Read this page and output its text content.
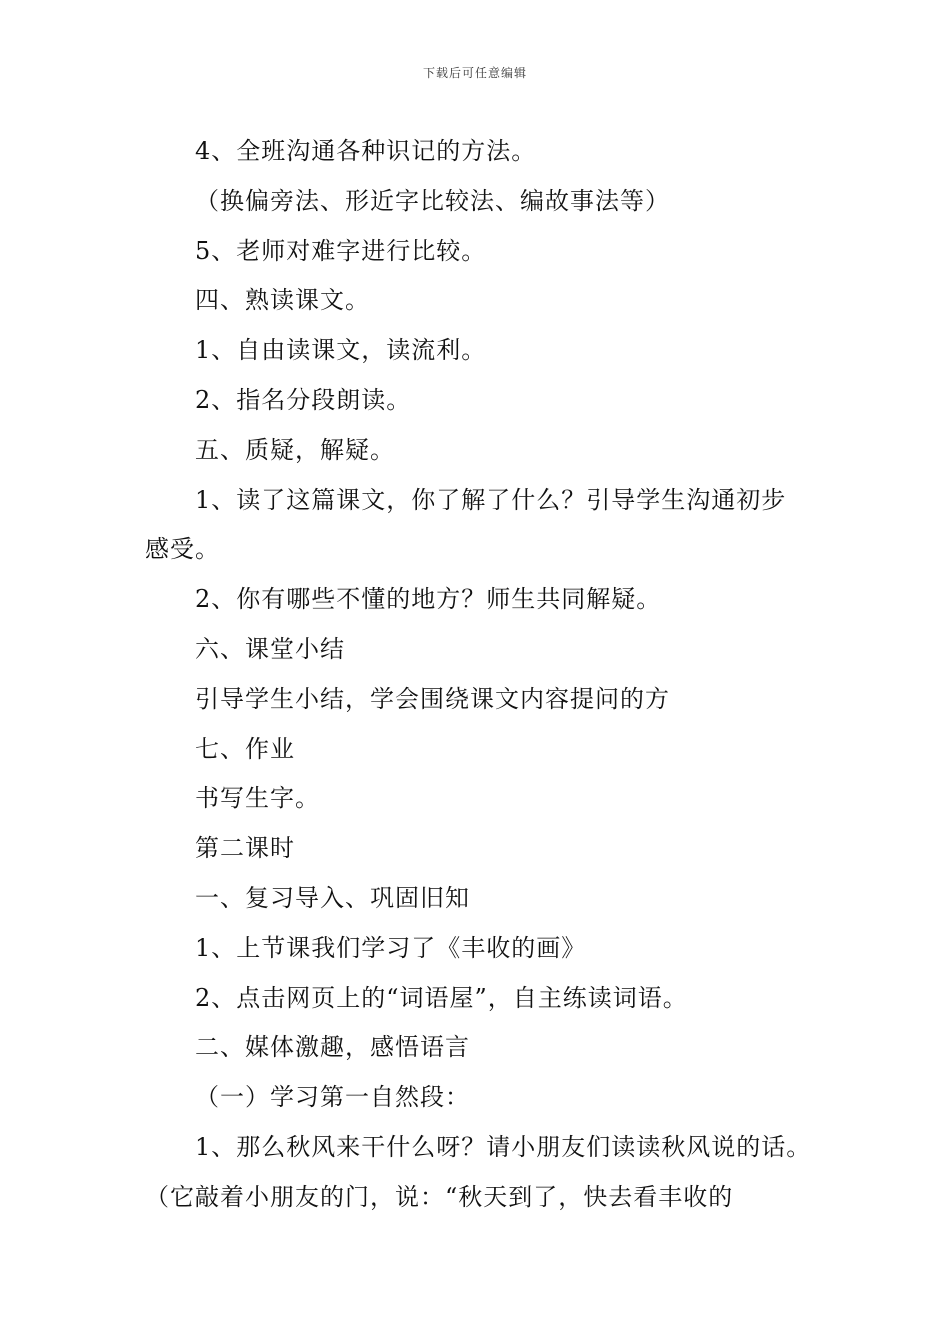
下载后可任意编辑
4、全班沟通各种识记的方法。
（换偏旁法、形近字比较法、编故事法等）
5、老师对难字进行比较。
四、熟读课文。
1、自由读课文，读流利。
2、指名分段朗读。
五、质疑，解疑。
1、读了这篇课文，你了解了什么？引导学生沟通初步
感受。
2、你有哪些不懂的地方？师生共同解疑。
六、课堂小结
引导学生小结，学会围绕课文内容提问的方
七、作业
书写生字。
第二课时
一、复习导入、巩固旧知
1、上节课我们学习了《丰收的画》
2、点击网页上的“词语屋”，自主练读词语。
二、媒体激趣，感悟语言
（一）学习第一自然段：
1、那么秋风来干什么呀？请小朋友们读读秋风说的话。
（它敲着小朋友的门，说：“秋天到了，快去看丰收的
